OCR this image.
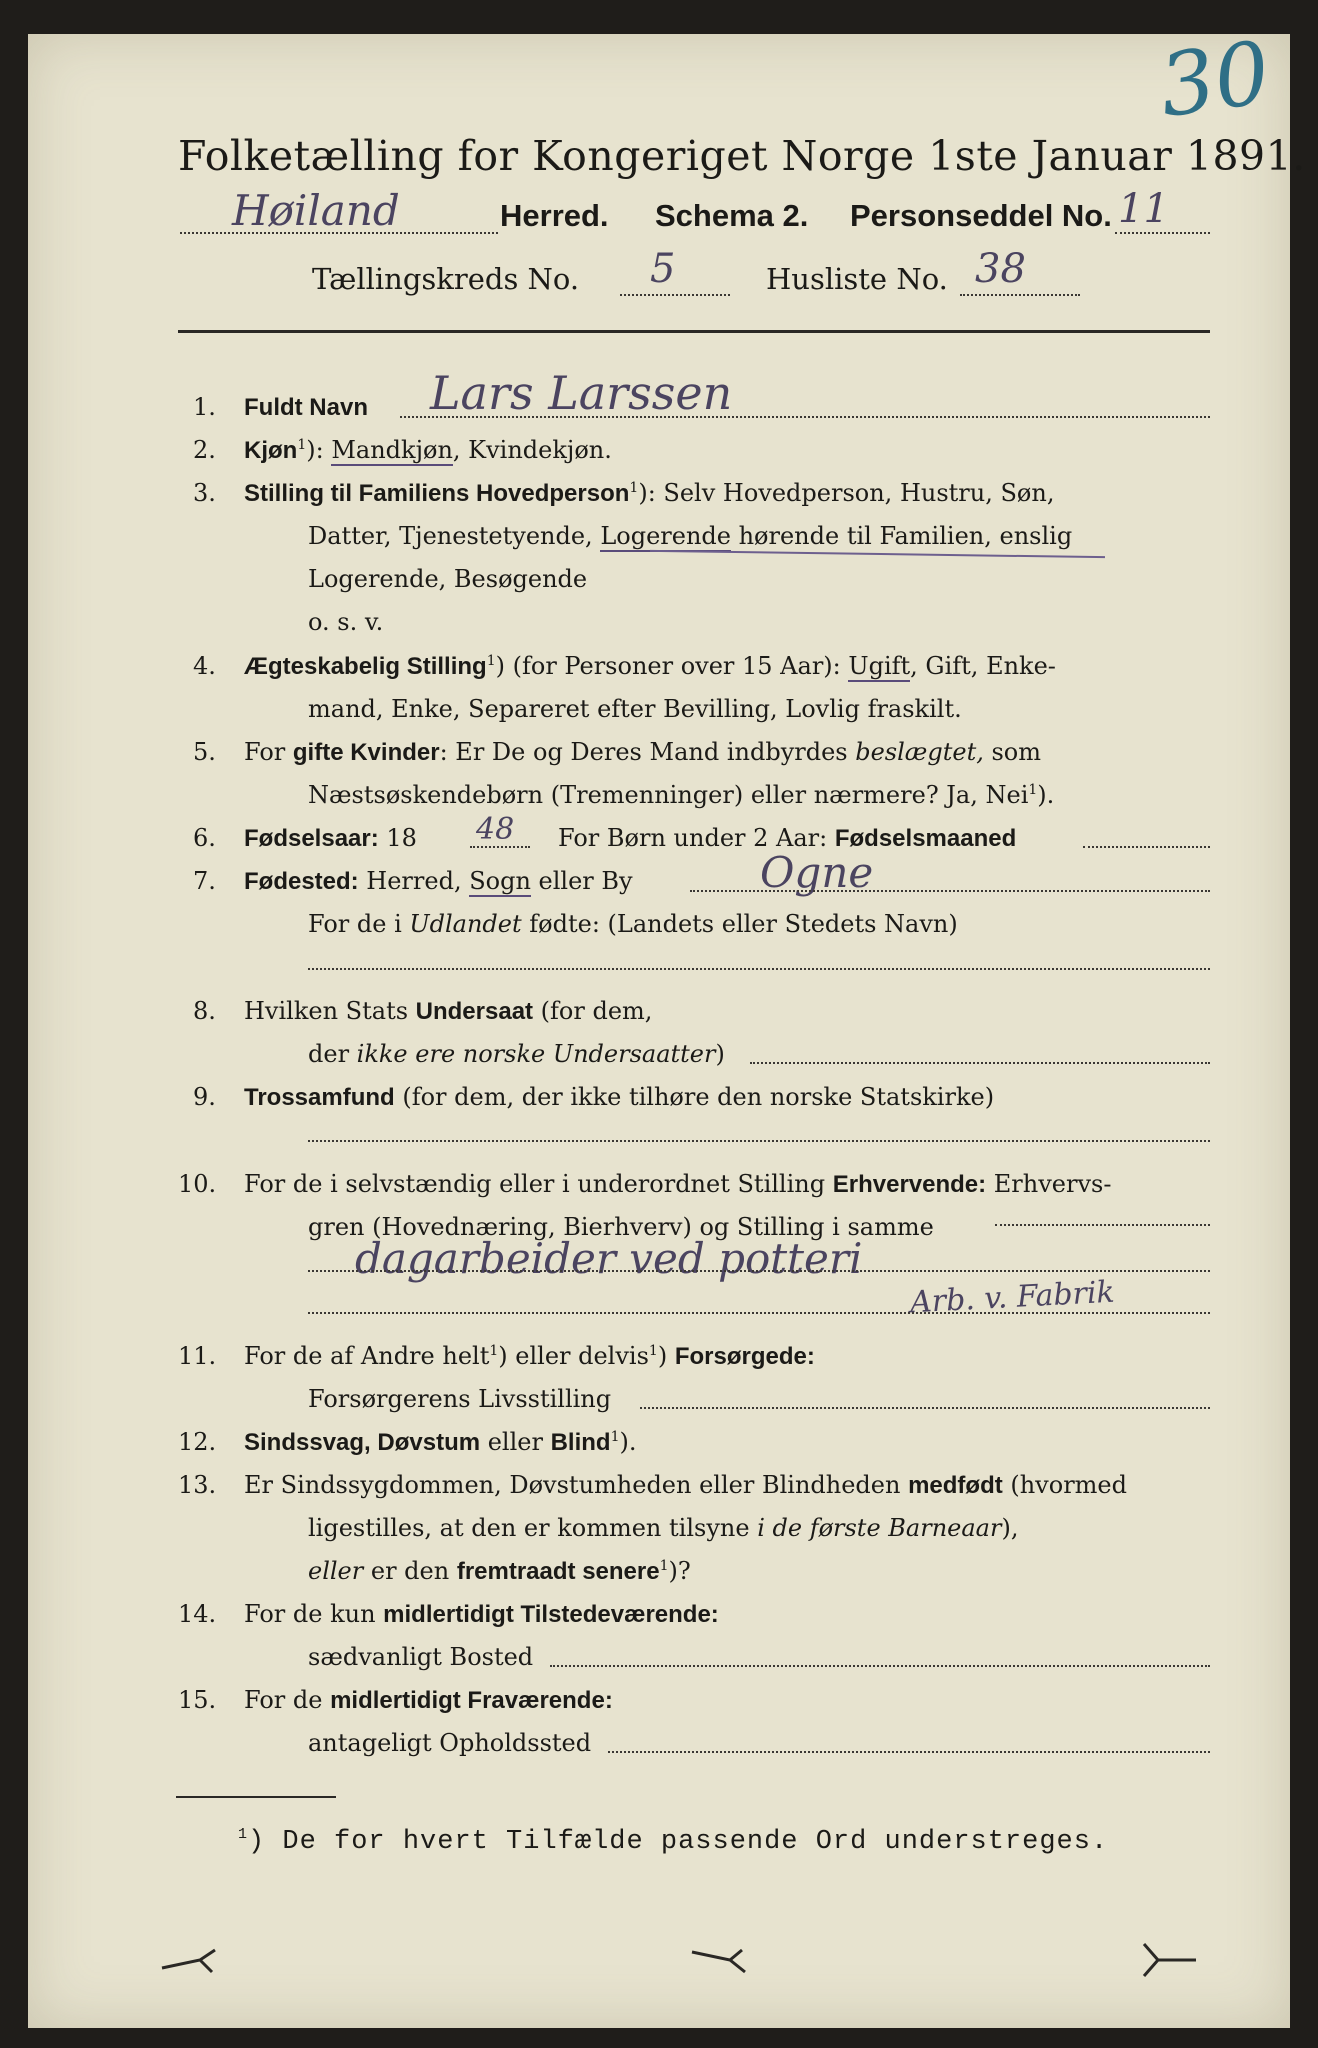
30
Folketælling for Kongeriget Norge 1ste Januar 1891.
Høiland	Herred. Schema 2. Personseddel No. 11
Tællingskreds No. 5	Husliste No. 38
1. Fuldt Navn Lars Larssen
2. Kjøn$^1$): Mandkjøn, Kvindekjøn.
3. Stilling til Familiens Hovedperson$^1$): Selv Hovedperson, Hustru, Søn,
Datter, Tjenestetyende, Logerende hørende til Familien, enslig
Logerende, Besøgende
o. s. v.
4. Ægteskabelig Stilling$^1$) (for Personer over 15 Aar): Ugift, Gift, Enke-
mand, Enke, Separeret efter Bevilling, Lovlig fraskilt.
5. For gifte Kvinder: Er De og Deres Mand indbyrdes beslægtet, som
Næstsøskendebørn (Tremenninger) eller nærmere? Ja, Nei$^1$).
6. Fødselsaar: 18 48 For Børn under 2 Aar: Fødselsmaaned
7. Fødested: Herred, Sogn eller By	Ogne
For de i Udlandet fødte: (Landets eller Stedets Navn)
8. Hvilken Stats Undersaat (for dem,
der ikke ere norske Undersaatter)
9. Trossamfund (for dem, der ikke tilhøre den norske Statskirke)
10. For de i selvstændig eller i underordnet Stilling Erhvervende: Erhvervs-
gren (Hovednæring, Bierhverv) og Stilling i samme
dagarbeider ved potteri
Arb. v. Fabrik
11. For de af Andre helt$^1$) eller delvis$^1$) Forsørgede:
Forsørgerens Livsstilling
12. Sindssvag, Døvstum eller Blind$^1$).
13. Er Sindssygdommen, Døvstumheden eller Blindheden medfødt (hvormed
ligestilles, at den er kommen tilsyne i de første Barneaar),
eller er den fremtraadt senere$^1$)?
14. For de kun midlertidigt Tilstedeværende:
sædvanligt Bosted
15. For de midlertidigt Fraværende:
antageligt Opholdssted
$^1$) De for hvert Tilfælde passende Ord understreges.
